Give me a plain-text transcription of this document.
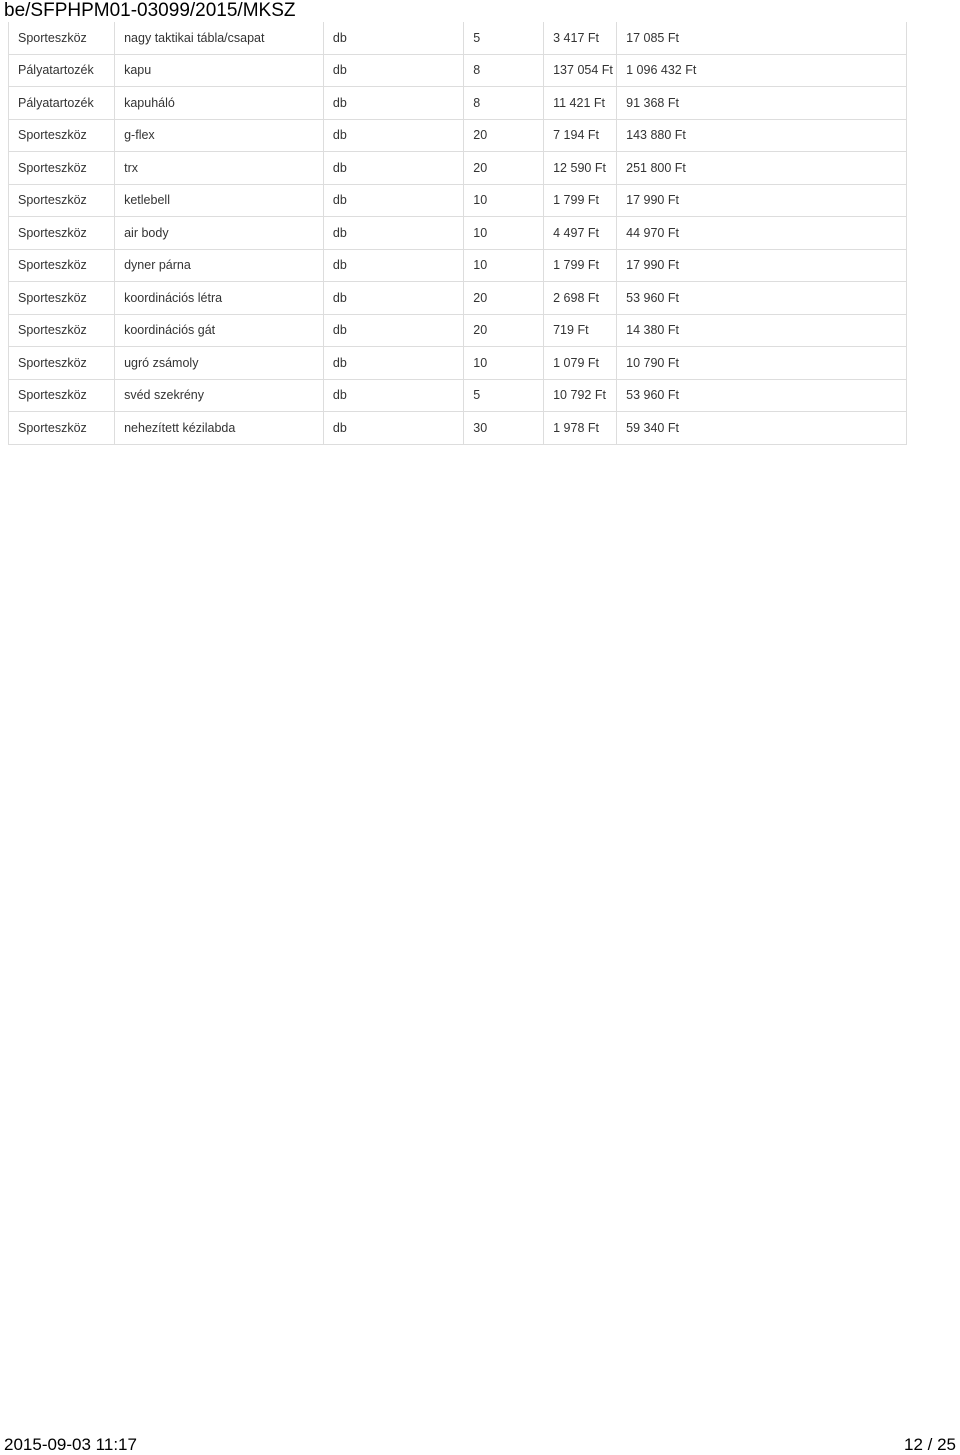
be/SFPHPM01-03099/2015/MKSZ
Sporteszköz	nagy taktikai tábla/csapat	db	5	3 417 Ft	17 085 Ft
Pályatartozék	kapu	db	8	137 054 Ft	1 096 432 Ft
Pályatartozék	kapuháló	db	8	11 421 Ft	91 368 Ft
Sporteszköz	g-flex	db	20	7 194 Ft	143 880 Ft
Sporteszköz	trx	db	20	12 590 Ft	251 800 Ft
Sporteszköz	ketlebell	db	10	1 799 Ft	17 990 Ft
Sporteszköz	air body	db	10	4 497 Ft	44 970 Ft
Sporteszköz	dyner párna	db	10	1 799 Ft	17 990 Ft
Sporteszköz	koordinációs létra	db	20	2 698 Ft	53 960 Ft
Sporteszköz	koordinációs gát	db	20	719 Ft	14 380 Ft
Sporteszköz	ugró zsámoly	db	10	1 079 Ft	10 790 Ft
Sporteszköz	svéd szekrény	db	5	10 792 Ft	53 960 Ft
Sporteszköz	nehezített kézilabda	db	30	1 978 Ft	59 340 Ft
2015-09-03 11:17	12 / 25
